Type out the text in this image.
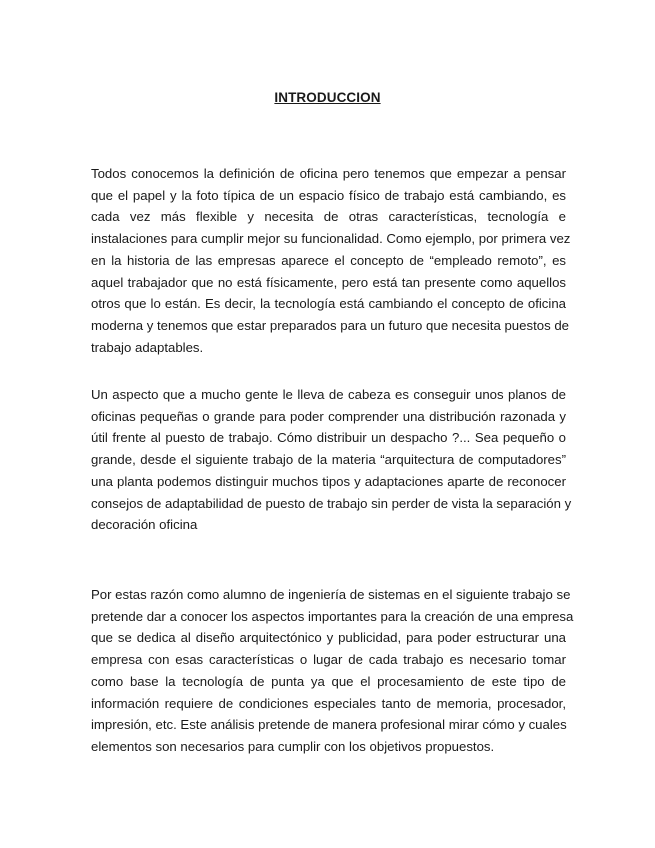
INTRODUCCION
Todos conocemos la definición de oficina pero tenemos que empezar a pensar
que el papel y la foto típica de un espacio físico de trabajo está cambiando, es
cada vez más flexible y necesita de otras características, tecnología e
instalaciones para cumplir mejor su funcionalidad. Como ejemplo, por primera vez
en la historia de las empresas aparece el concepto de “empleado remoto”, es
aquel trabajador que no está físicamente, pero está tan presente como aquellos
otros que lo están. Es decir, la tecnología está cambiando el concepto de oficina
moderna y tenemos que estar preparados para un futuro que necesita puestos de
trabajo adaptables.
Un aspecto que a mucho gente le lleva de cabeza es conseguir unos planos de
oficinas pequeñas o grande para poder comprender una distribución razonada y
útil frente al puesto de trabajo. Cómo distribuir un despacho ?... Sea pequeño o
grande, desde el siguiente trabajo de la materia “arquitectura de computadores”
una planta podemos distinguir muchos tipos y adaptaciones aparte de reconocer
consejos de adaptabilidad de puesto de trabajo sin perder de vista la separación y
decoración oficina
Por estas razón como alumno de ingeniería de sistemas en el siguiente trabajo se
pretende dar a conocer los aspectos importantes para la creación de una empresa
que se dedica al diseño arquitectónico y publicidad, para poder estructurar una
empresa con esas características o lugar de cada trabajo es necesario tomar
como base la tecnología de punta ya que el procesamiento de este tipo de
información requiere de condiciones especiales tanto de memoria, procesador,
impresión, etc. Este análisis pretende de manera profesional mirar cómo y cuales
elementos son necesarios para cumplir con los objetivos propuestos.
